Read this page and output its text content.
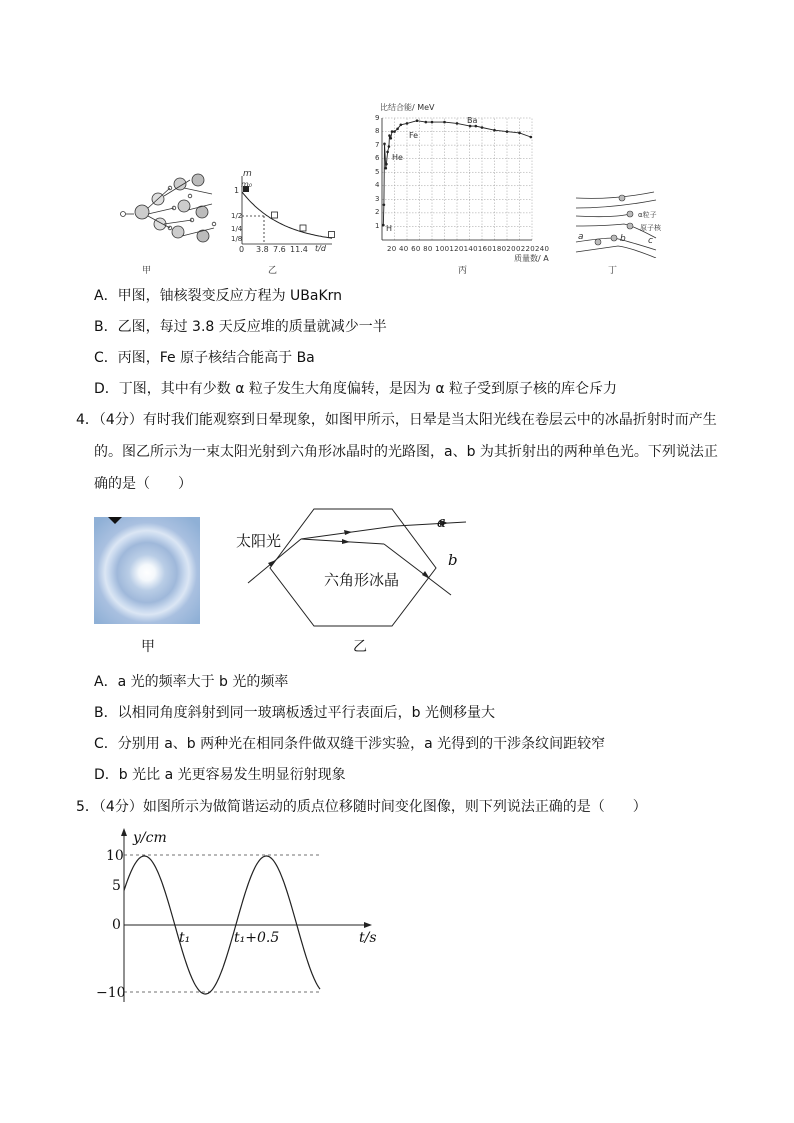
甲
m
m₀
1
1/2
1/4
1/8
0 3.8 7.6 11.4 t/d
乙
比结合能/ MeV
1
2
3
4
5
6
7
8
9	Ba
Fe
He
H
20 40 60 80 100120140160180200220240
质量数/ A
丙
α粒子
原子核
a	b c
丁
A．甲图，铀核裂变反应方程为 UBaKrn
B．乙图，每过 3.8 天反应堆的质量就减少一半
C．丙图，Fe 原子核结合能高于 Ba
D．丁图，其中有少数 α 粒子发生大角度偏转，是因为 α 粒子受到原子核的库仑斥力
4．（4分）有时我们能观察到日晕现象，如图甲所示，日晕是当太阳光线在卷层云中的冰晶折射时而产生
的。图乙所示为一束太阳光射到六角形冰晶时的光路图，a、b 为其折射出的两种单色光。下列说法正
确的是（　　）
甲
太阳光
六角形冰晶
a
b
乙
A．a 光的频率大于 b 光的频率
B．以相同角度斜射到同一玻璃板透过平行表面后，b 光侧移量大
C．分别用 a、b 两种光在相同条件做双缝干涉实验，a 光得到的干涉条纹间距较窄
D．b 光比 a 光更容易发生明显衍射现象
5．（4分）如图所示为做简谐运动的质点位移随时间变化图像，则下列说法正确的是（　　）
y/cm
10
5
0
−10
t₁	t₁+0.5	t/s
